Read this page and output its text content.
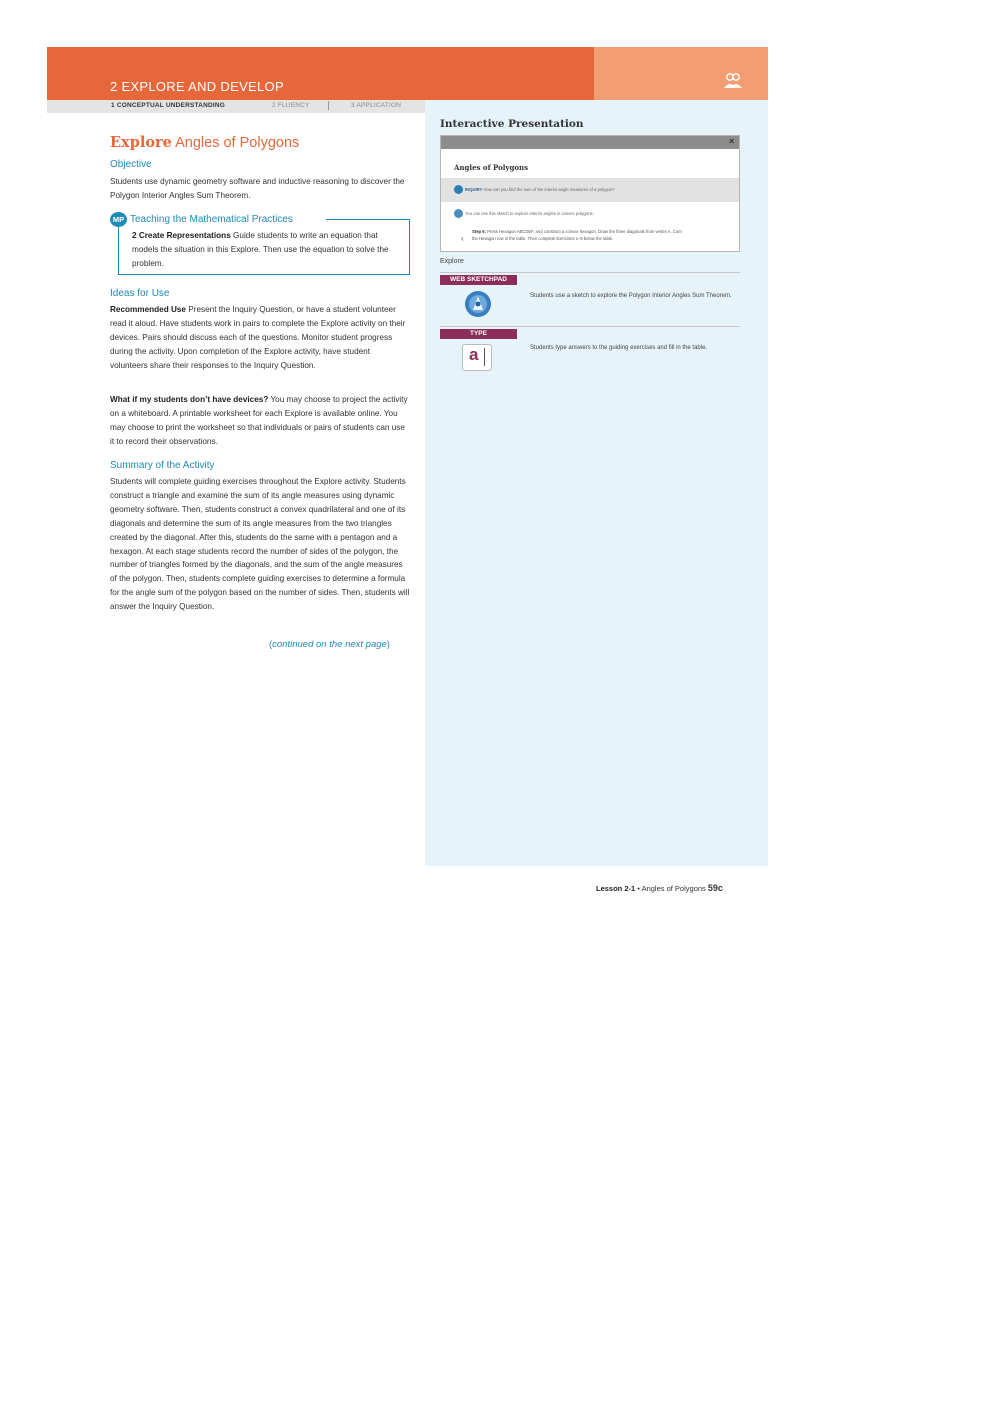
2 EXPLORE AND DEVELOP
1 CONCEPTUAL UNDERSTANDING	2 FLUENCY	3 APPLICATION
Interactive Presentation
×
Angles of Polygons
INQUIRY How can you find the sum of the interior angle measures of a polygon?
You can use this sketch to explore interior angles in convex polygons.
‹
Step 6: Press Hexagon ABCDEF, and construct a convex hexagon. Draw the three diagonals from vertex A. Com
the Hexagon row in the table. Then complete Exercises 1–5 below the table.
Explore
WEB SKETCHPAD
Students use a sketch to explore the Polygon Interior Angles Sum Theorem.
TYPE
a	Students type answers to the guiding exercises and fill in the table.
Explore Angles of Polygons
Objective
Students use dynamic geometry software and inductive reasoning to discover the Polygon Interior Angles Sum Theorem.
MP Teaching the Mathematical Practices
2 Create Representations Guide students to write an equation that models the situation in this Explore. Then use the equation to solve the problem.
Ideas for Use
Recommended Use Present the Inquiry Question, or have a student volunteer read it aloud. Have students work in pairs to complete the Explore activity on their devices. Pairs should discuss each of the questions. Monitor student progress during the activity. Upon completion of the Explore activity, have student volunteers share their responses to the Inquiry Question.
What if my students don’t have devices? You may choose to project the activity on a whiteboard. A printable worksheet for each Explore is available online. You may choose to print the worksheet so that individuals or pairs of students can use it to record their observations.
Summary of the Activity
Students will complete guiding exercises throughout the Explore activity. Students construct a triangle and examine the sum of its angle measures using dynamic geometry software. Then, students construct a convex quadrilateral and one of its diagonals and determine the sum of its angle measures from the two triangles created by the diagonal. After this, students do the same with a pentagon and a hexagon. At each stage students record the number of sides of the polygon, the number of triangles formed by the diagonals, and the sum of the angle measures of the polygon. Then, students complete guiding exercises to determine a formula for the angle sum of the polygon based on the number of sides. Then, students will answer the Inquiry Question.
(continued on the next page)
Lesson 2-1 • Angles of Polygons 59c
